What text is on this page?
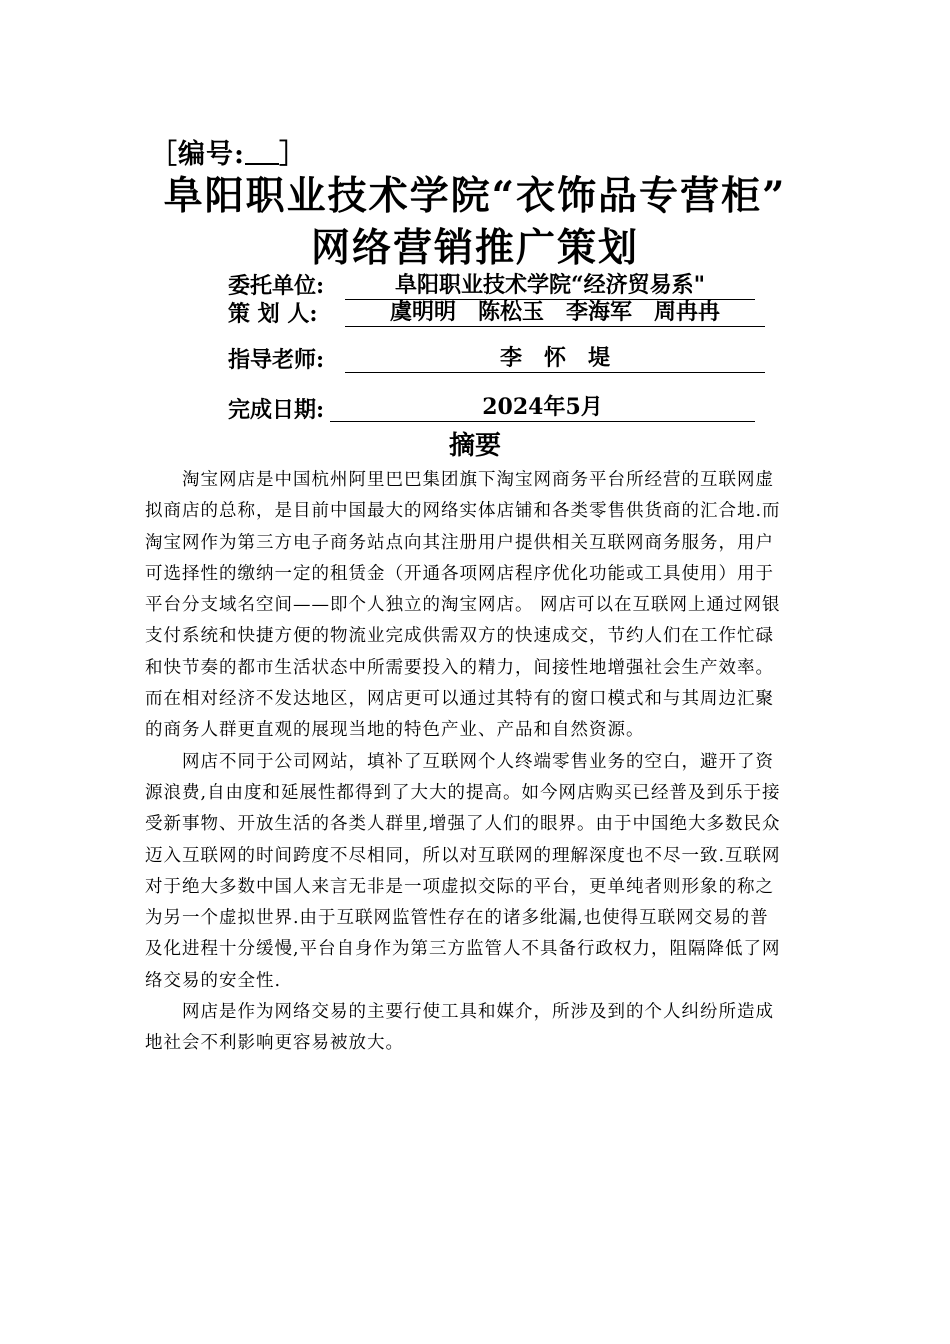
［编号: ］
阜阳职业技术学院“衣饰品专营柜”
网络营销推广策划
委托单位:	阜阳职业技术学院“经济贸易系"
策 划 人:	虞明明　陈松玉　李海军　周冉冉
指导老师:	李　怀　堤
完成日期:	2024年5月
摘要
　　淘宝网店是中国杭州阿里巴巴集团旗下淘宝网商务平台所经营的互联网虚
拟商店的总称，是目前中国最大的网络实体店铺和各类零售供货商的汇合地.而
淘宝网作为第三方电子商务站点向其注册用户提供相关互联网商务服务，用户
可选择性的缴纳一定的租赁金（开通各项网店程序优化功能或工具使用）用于
平台分支域名空间——即个人独立的淘宝网店。 网店可以在互联网上通过网银
支付系统和快捷方便的物流业完成供需双方的快速成交，节约人们在工作忙碌
和快节奏的都市生活状态中所需要投入的精力，间接性地增强社会生产效率。
而在相对经济不发达地区，网店更可以通过其特有的窗口模式和与其周边汇聚
的商务人群更直观的展现当地的特色产业、产品和自然资源。
　　网店不同于公司网站，填补了互联网个人终端零售业务的空白，避开了资
源浪费,自由度和延展性都得到了大大的提高。如今网店购买已经普及到乐于接
受新事物、开放生活的各类人群里,增强了人们的眼界。由于中国绝大多数民众
迈入互联网的时间跨度不尽相同，所以对互联网的理解深度也不尽一致.互联网
对于绝大多数中国人来言无非是一项虚拟交际的平台，更单纯者则形象的称之
为另一个虚拟世界.由于互联网监管性存在的诸多纰漏,也使得互联网交易的普
及化进程十分缓慢,平台自身作为第三方监管人不具备行政权力，阻隔降低了网
络交易的安全性.
　　网店是作为网络交易的主要行使工具和媒介，所涉及到的个人纠纷所造成
地社会不利影响更容易被放大。
